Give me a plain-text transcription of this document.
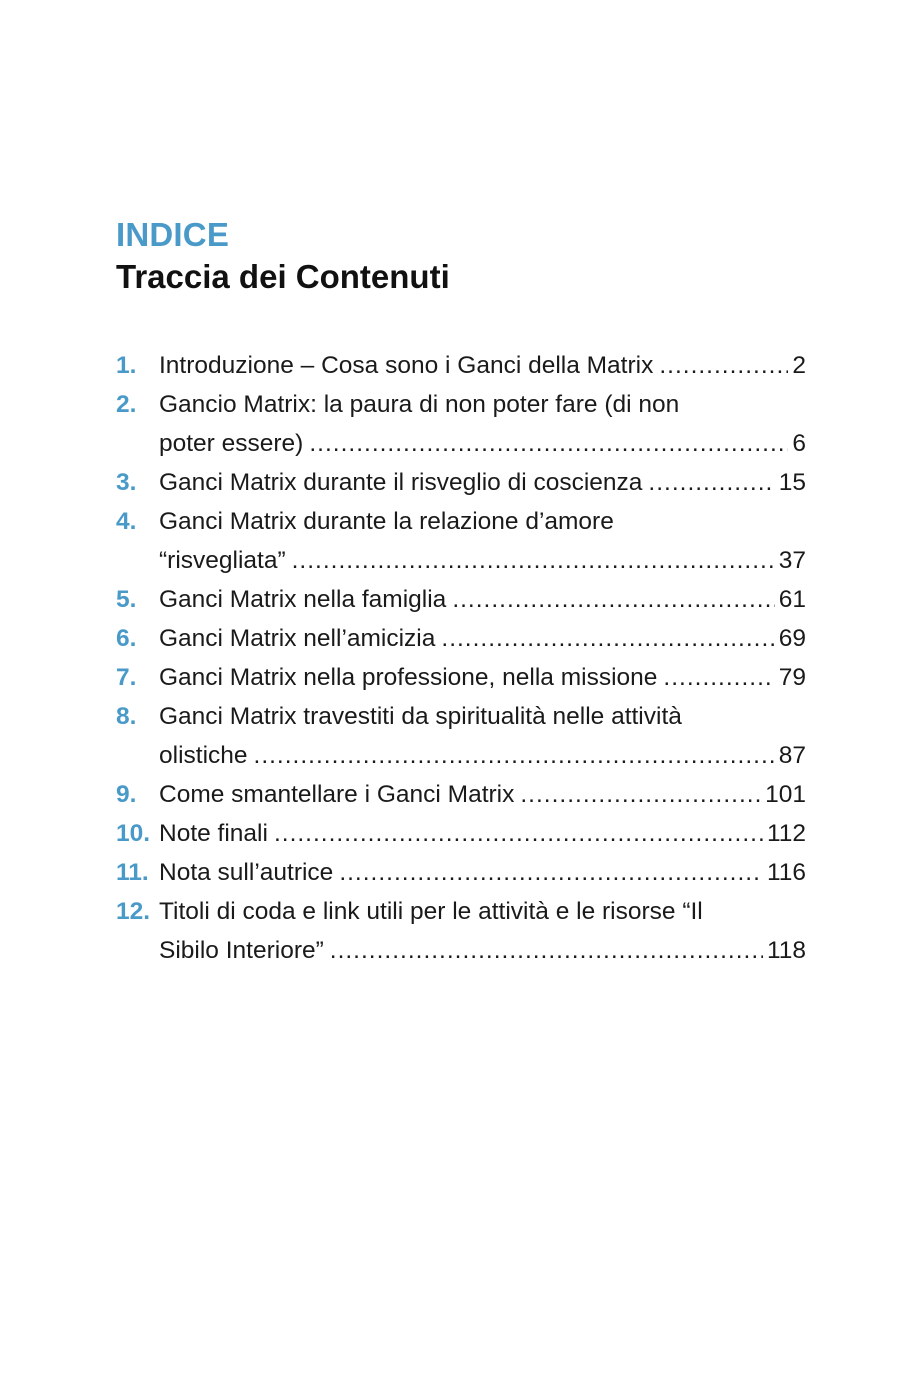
INDICE
Traccia dei Contenuti
1. Introduzione – Cosa sono i Ganci della Matrix .....	2
2. Gancio Matrix: la paura di non poter fare (di non
poter essere) .....	6
3. Ganci Matrix durante il risveglio di coscienza .....	15
4. Ganci Matrix durante la relazione d’amore
“risvegliata” .....	37
5. Ganci Matrix nella famiglia .....	61
6. Ganci Matrix nell’amicizia .....	69
7. Ganci Matrix nella professione, nella missione .....	79
8. Ganci Matrix travestiti da spiritualità nelle attività
olistiche .....	87
9. Come smantellare i Ganci Matrix .....	101
10. Note finali .....	112
11. Nota sull’autrice .....	116
12. Titoli di coda e link utili per le attività e le risorse “Il
Sibilo Interiore” .....	118
